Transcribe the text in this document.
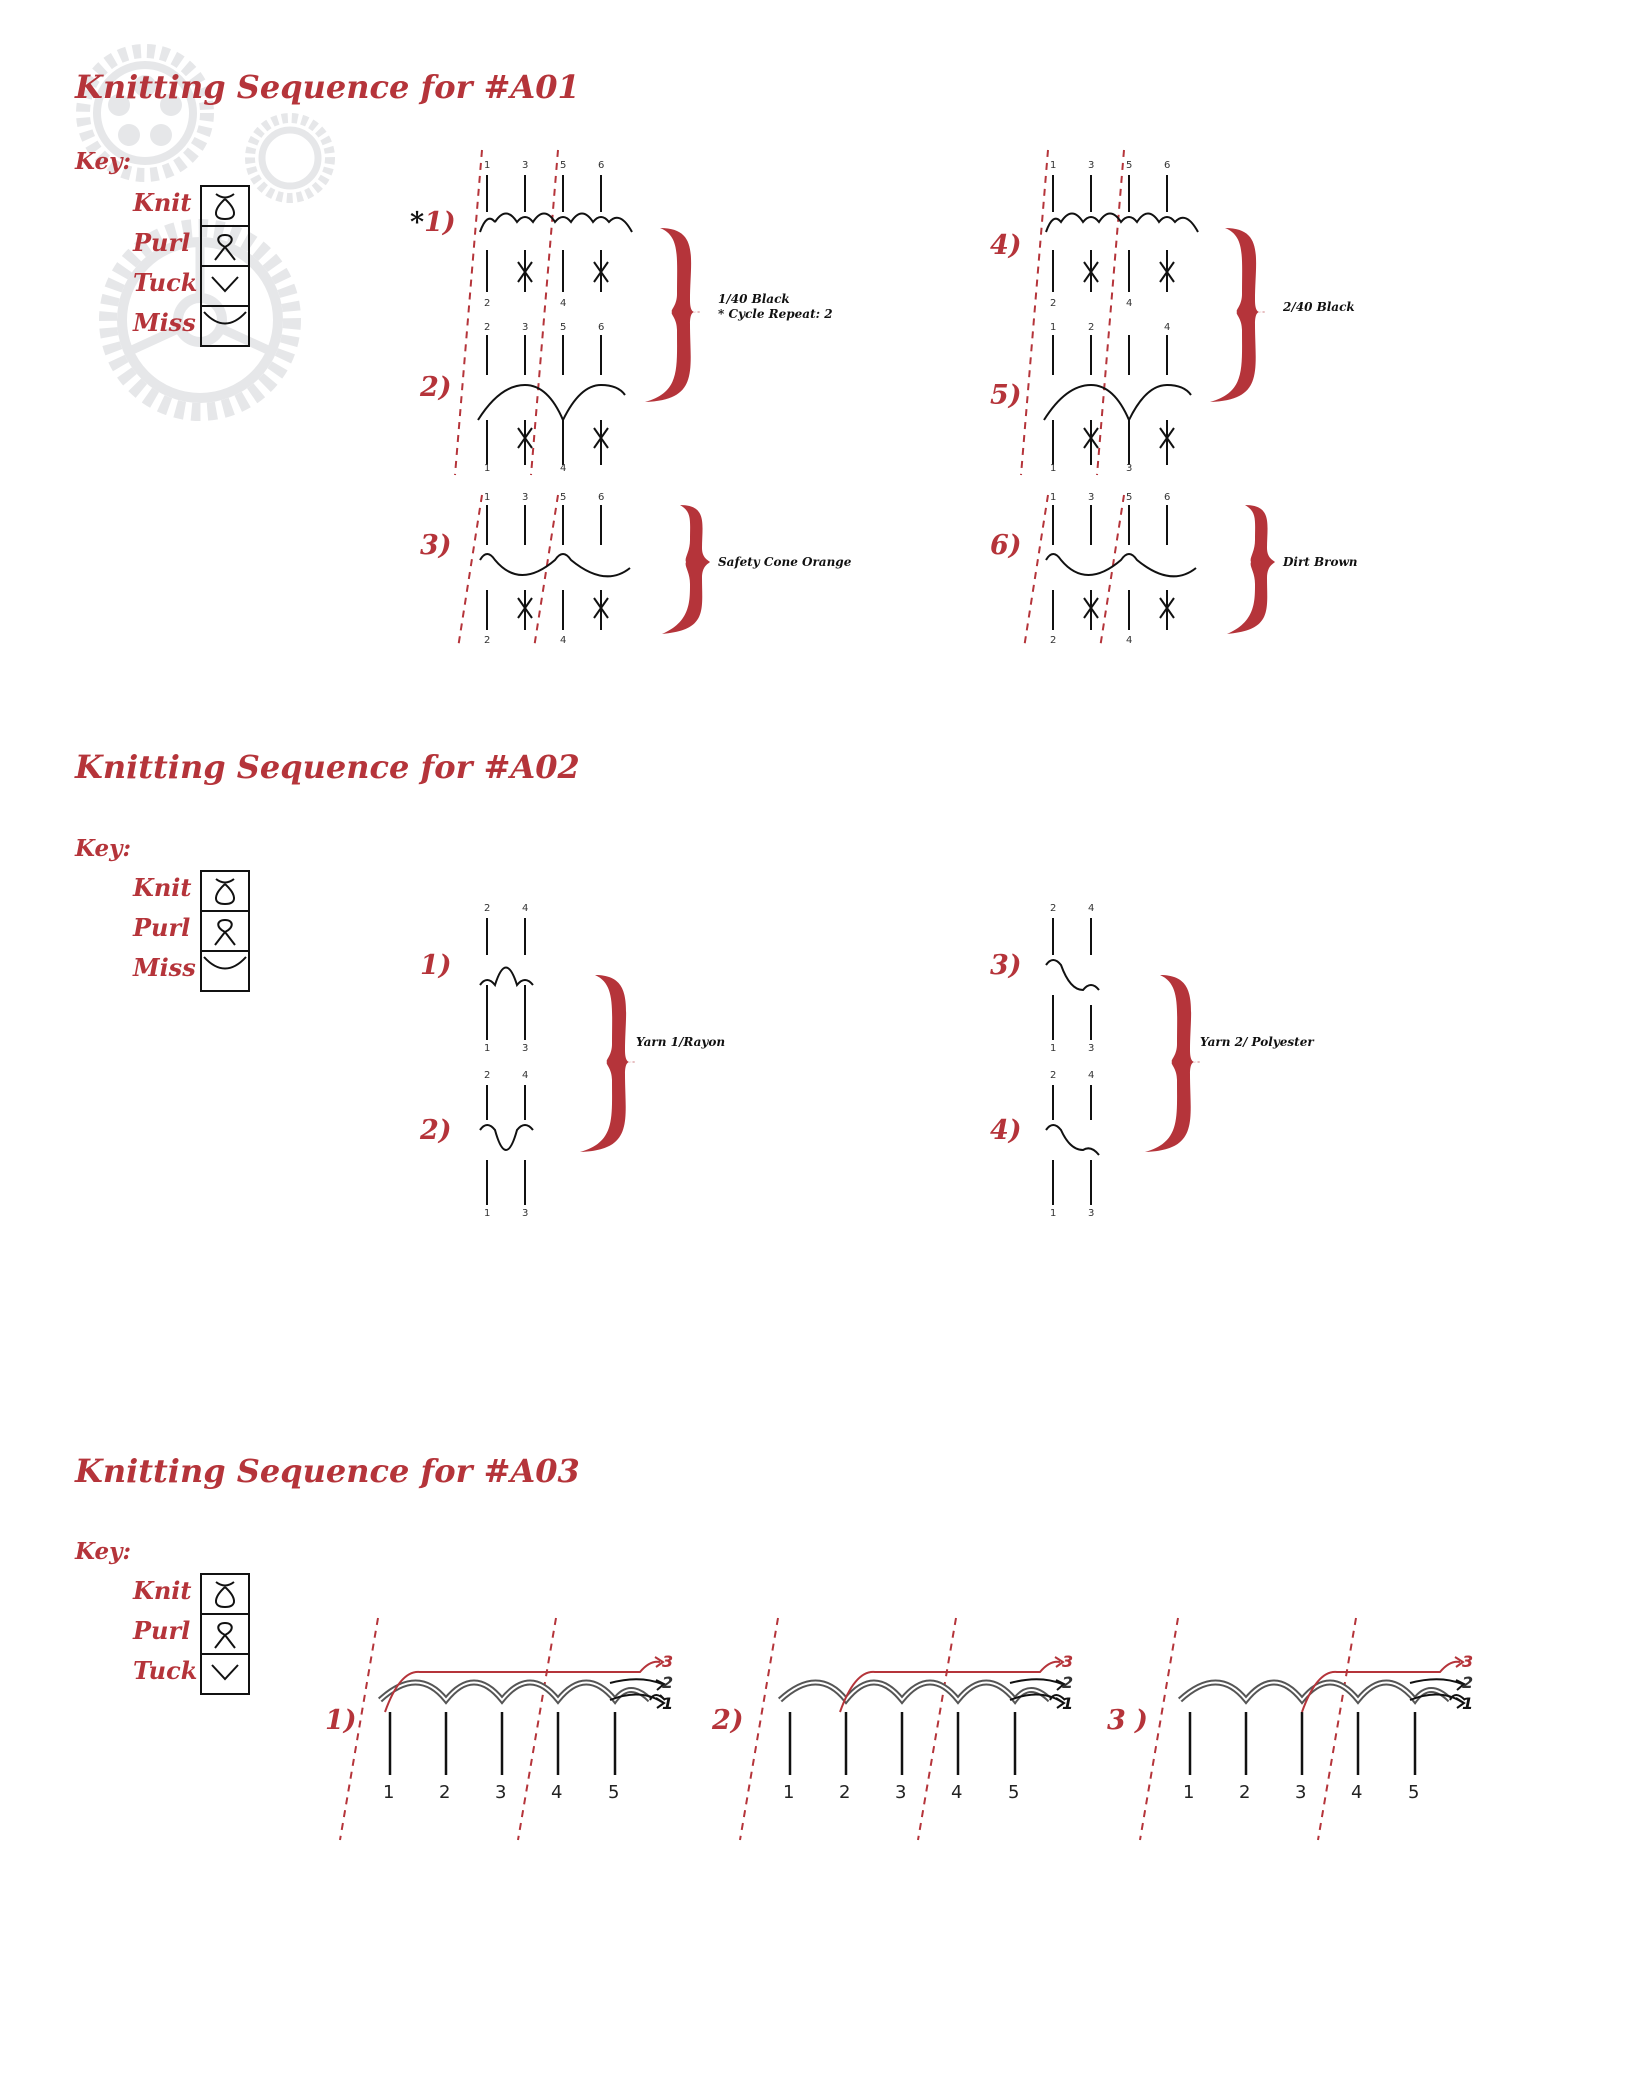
Knitting Sequence for #A01
Key:
Knit
Purl
Tuck
Miss
*1)
2)
3)
4)
5)
6)
1	3	5	6
2	4
2	3	5	6
1	4
1	3	5	6
2	4
1	3	5	6
2	4
1	2	4
1	3
1	3	5	6
2	4
1/40 Black
* Cycle Repeat: 2	2/40 Black
Safety Cone Orange	Dirt Brown
Knitting Sequence for #A02
Key:
Knit
Purl
Miss	1)
2)
3)
4)
2	4
1	3
2	4
1	3
2	4
1	3
2	4
1	3
Yarn 1/Rayon	Yarn 2/ Polyester
Knitting Sequence for #A03
Key:
Knit
Purl
Tuck
1)	2)	3 )
1 2 3 4	5	1 2 3 4	5	1 2 3 4	5
3
2
1
3
2
1
3
2
1
